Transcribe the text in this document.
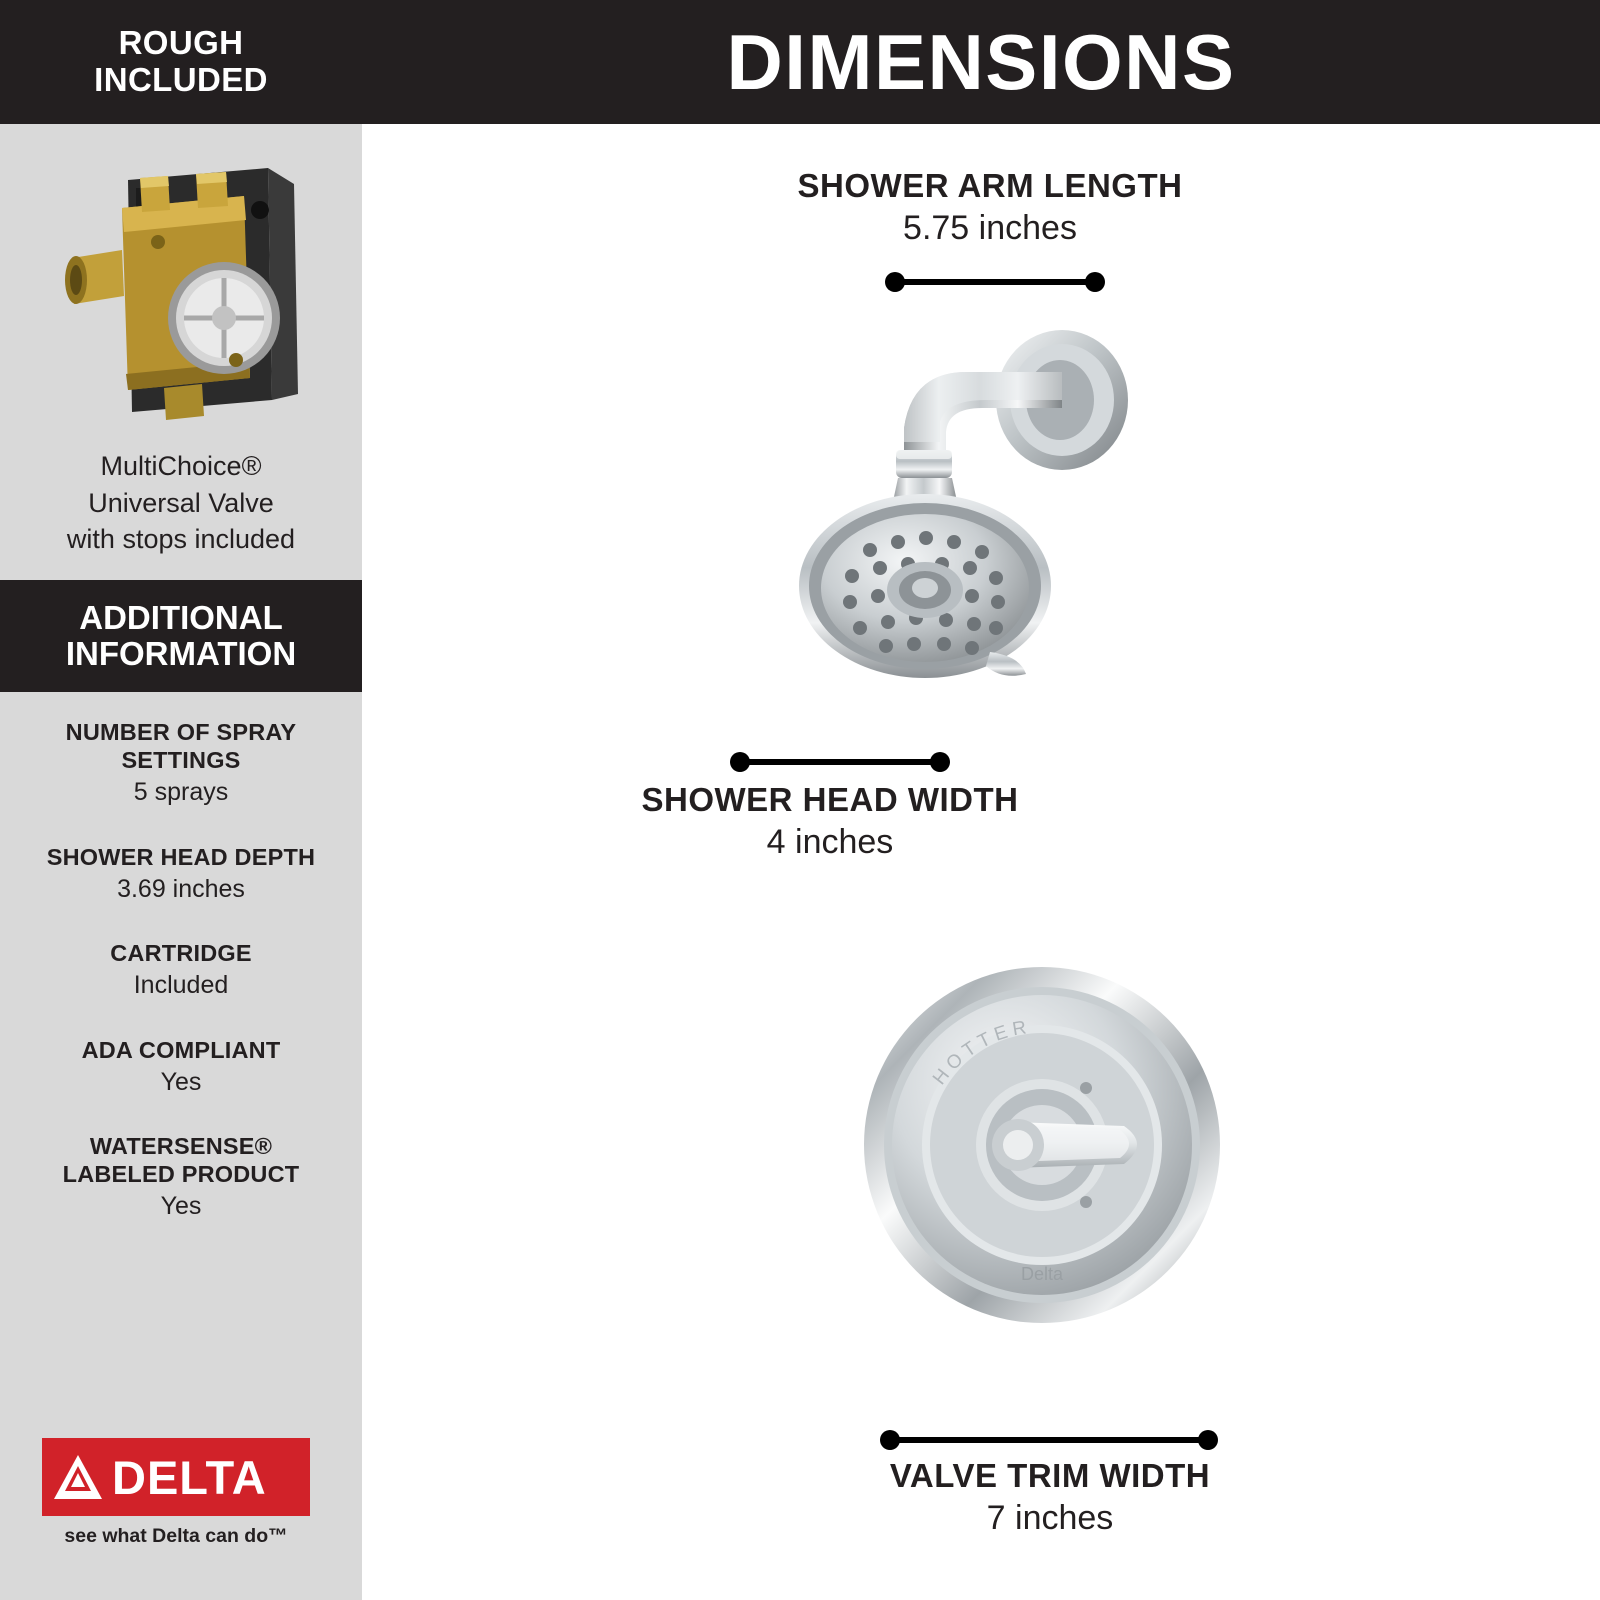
ROUGH
INCLUDED
MultiChoice®
Universal Valve
with stops included
ADDITIONAL
INFORMATION
NUMBER OF SPRAY
SETTINGS
5 sprays
SHOWER HEAD DEPTH
3.69 inches
CARTRIDGE
Included
ADA COMPLIANT
Yes
WATERSENSE®
LABELED PRODUCT
Yes
DELTA
see what Delta can do™
DIMENSIONS
SHOWER ARM LENGTH
5.75 inches
SHOWER HEAD WIDTH
4 inches
HOTTER
Delta
VALVE TRIM WIDTH
7 inches
